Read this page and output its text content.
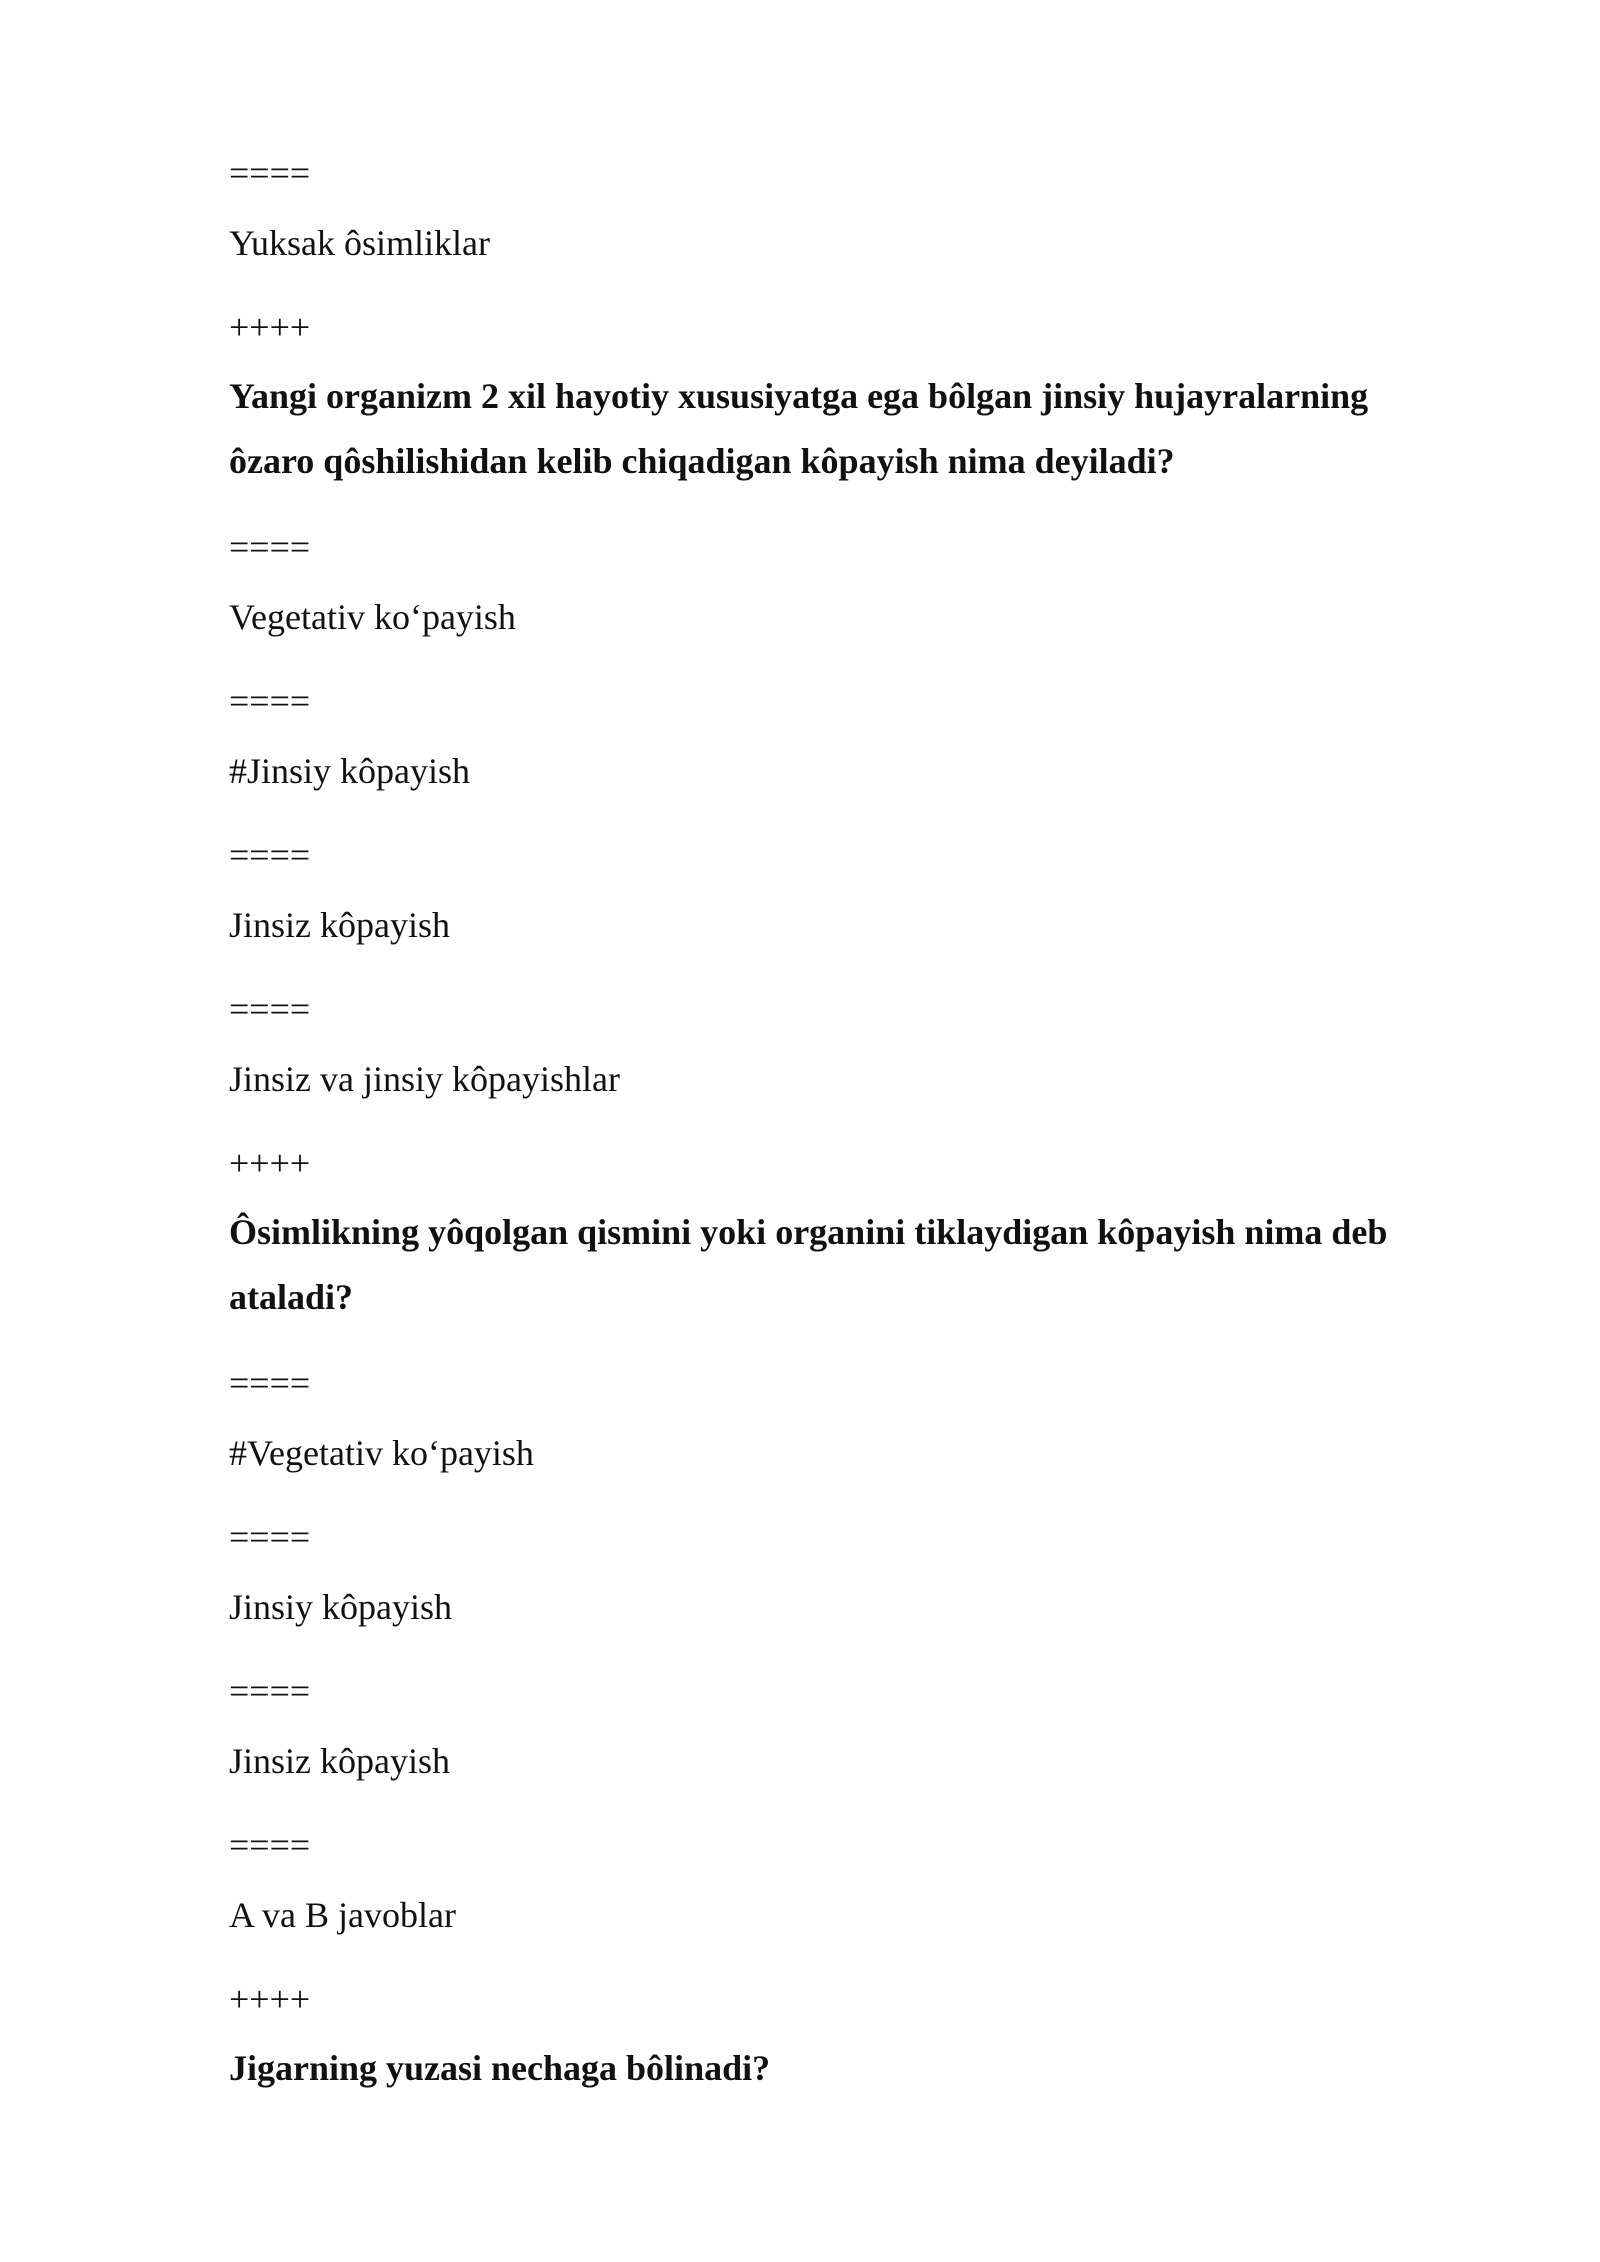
====

Yuksak ôsimliklar

++++

Yangi organizm 2 xil hayotiy xususiyatga ega bôlgan jinsiy hujayralarning ôzaro qôshilishidan kelib chiqadigan kôpayish nima deyiladi?

====

Vegetativ ko‘payish

====

#Jinsiy kôpayish

====

Jinsiz kôpayish

====

Jinsiz va jinsiy kôpayishlar

++++

Ôsimlikning yôqolgan qismini yoki organini tiklaydigan kôpayish nima deb ataladi?

====

#Vegetativ ko‘payish

====

Jinsiy kôpayish

====

Jinsiz kôpayish

====

A va B javoblar

++++

Jigarning yuzasi nechaga bôlinadi?
